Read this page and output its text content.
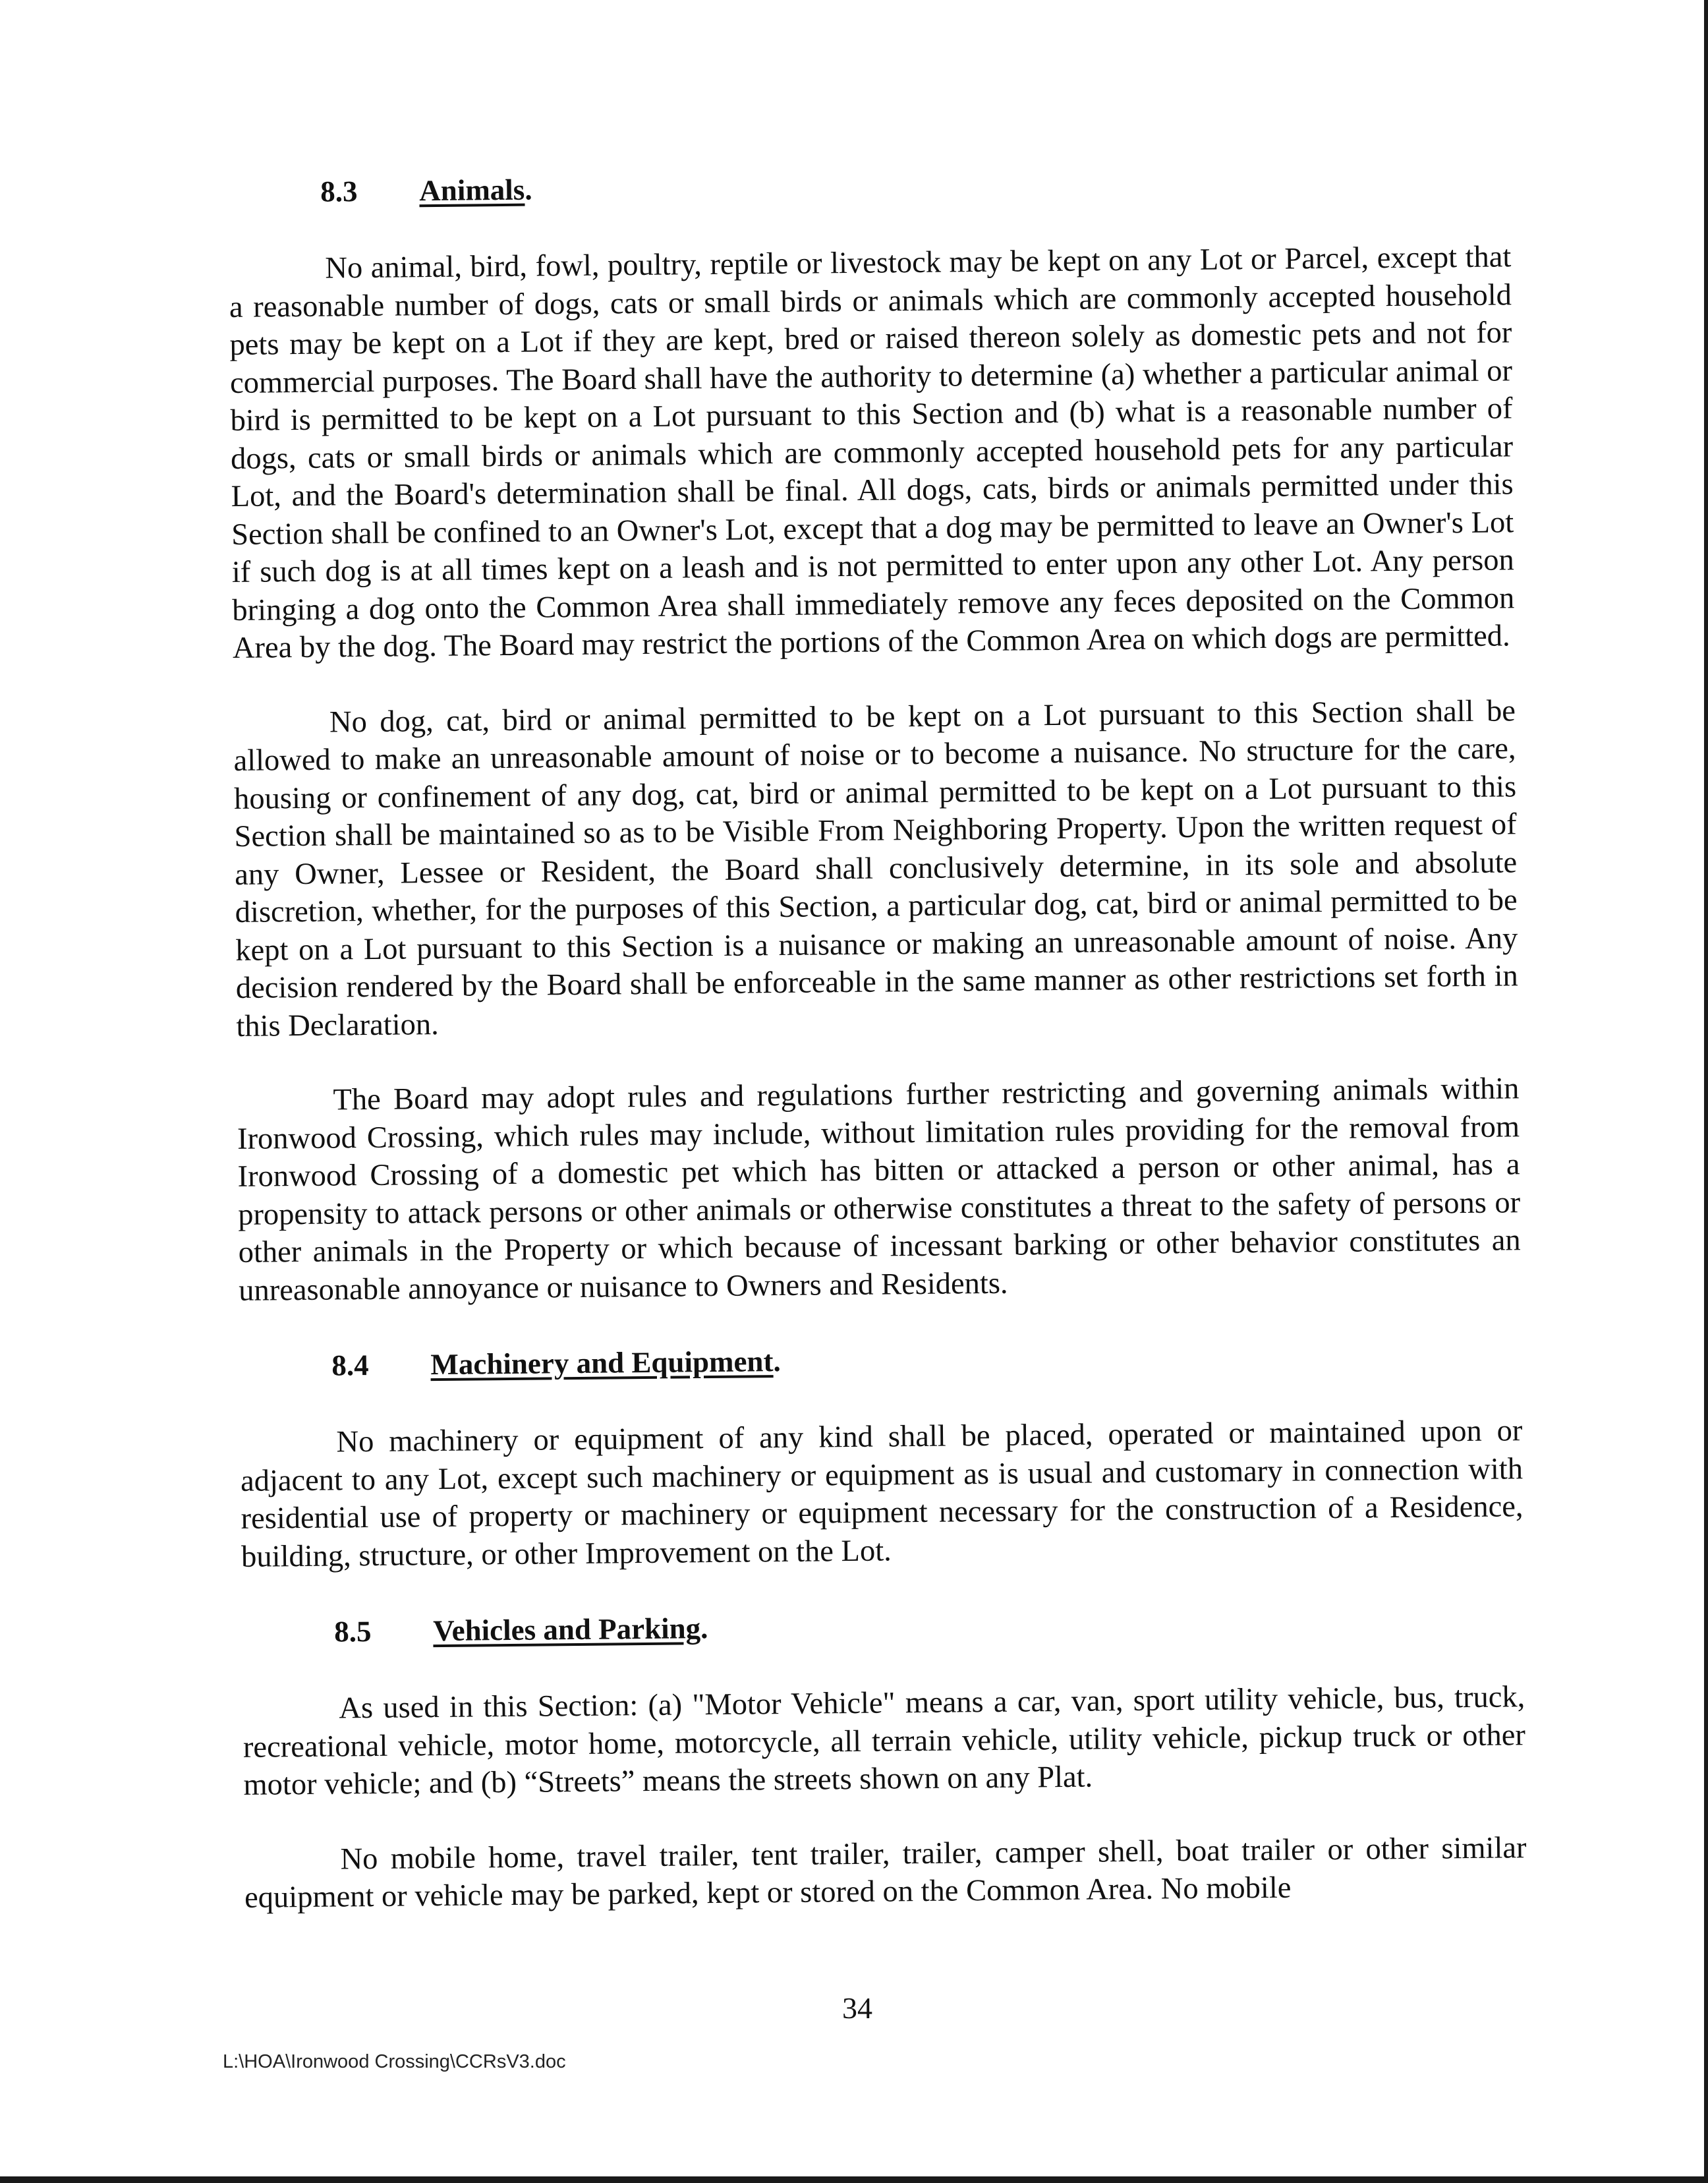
8.3 Animals.

No animal, bird, fowl, poultry, reptile or livestock may be kept on any Lot or Parcel, except that a reasonable number of dogs, cats or small birds or animals which are commonly accepted household pets may be kept on a Lot if they are kept, bred or raised thereon solely as domestic pets and not for commercial purposes. The Board shall have the authority to determine (a) whether a particular animal or bird is permitted to be kept on a Lot pursuant to this Section and (b) what is a reasonable number of dogs, cats or small birds or animals which are commonly accepted household pets for any particular Lot, and the Board's determination shall be final. All dogs, cats, birds or animals permitted under this Section shall be confined to an Owner's Lot, except that a dog may be permitted to leave an Owner's Lot if such dog is at all times kept on a leash and is not permitted to enter upon any other Lot. Any person bringing a dog onto the Common Area shall immediately remove any feces deposited on the Common Area by the dog. The Board may restrict the portions of the Common Area on which dogs are permitted.

No dog, cat, bird or animal permitted to be kept on a Lot pursuant to this Section shall be allowed to make an unreasonable amount of noise or to become a nuisance. No structure for the care, housing or confinement of any dog, cat, bird or animal permitted to be kept on a Lot pursuant to this Section shall be maintained so as to be Visible From Neighboring Property. Upon the written request of any Owner, Lessee or Resident, the Board shall conclusively determine, in its sole and absolute discretion, whether, for the purposes of this Section, a particular dog, cat, bird or animal permitted to be kept on a Lot pursuant to this Section is a nuisance or making an unreasonable amount of noise. Any decision rendered by the Board shall be enforceable in the same manner as other restrictions set forth in this Declaration.

The Board may adopt rules and regulations further restricting and governing animals within Ironwood Crossing, which rules may include, without limitation rules providing for the removal from Ironwood Crossing of a domestic pet which has bitten or attacked a person or other animal, has a propensity to attack persons or other animals or otherwise constitutes a threat to the safety of persons or other animals in the Property or which because of incessant barking or other behavior constitutes an unreasonable annoyance or nuisance to Owners and Residents.

8.4 Machinery and Equipment.

No machinery or equipment of any kind shall be placed, operated or maintained upon or adjacent to any Lot, except such machinery or equipment as is usual and customary in connection with residential use of property or machinery or equipment necessary for the construction of a Residence, building, structure, or other Improvement on the Lot.

8.5 Vehicles and Parking.

As used in this Section: (a) "Motor Vehicle" means a car, van, sport utility vehicle, bus, truck, recreational vehicle, motor home, motorcycle, all terrain vehicle, utility vehicle, pickup truck or other motor vehicle; and (b) “Streets” means the streets shown on any Plat.

No mobile home, travel trailer, tent trailer, trailer, camper shell, boat trailer or other similar equipment or vehicle may be parked, kept or stored on the Common Area. No mobile

34
L:\HOA\Ironwood Crossing\CCRsV3.doc
